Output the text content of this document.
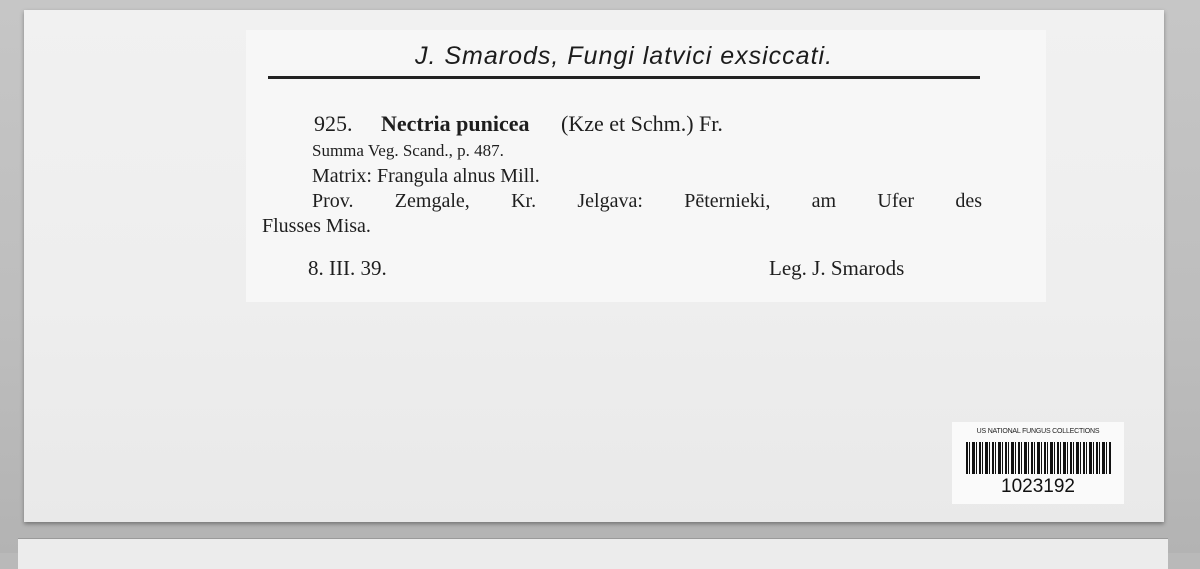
J. Smarods, Fungi latvici exsiccati.
925. Nectria puniceа (Kze et Schm.) Fr.
Summa Veg. Scand., p. 487.
Matrix: Frangula alnus Mill.
Prov. Zemgale, Kr. Jelgava: Pēternieki, am Ufer des
Flusses Misa.
8. III. 39.	Leg. J. Smarods
US NATIONAL FUNGUS COLLECTIONS
1023192
